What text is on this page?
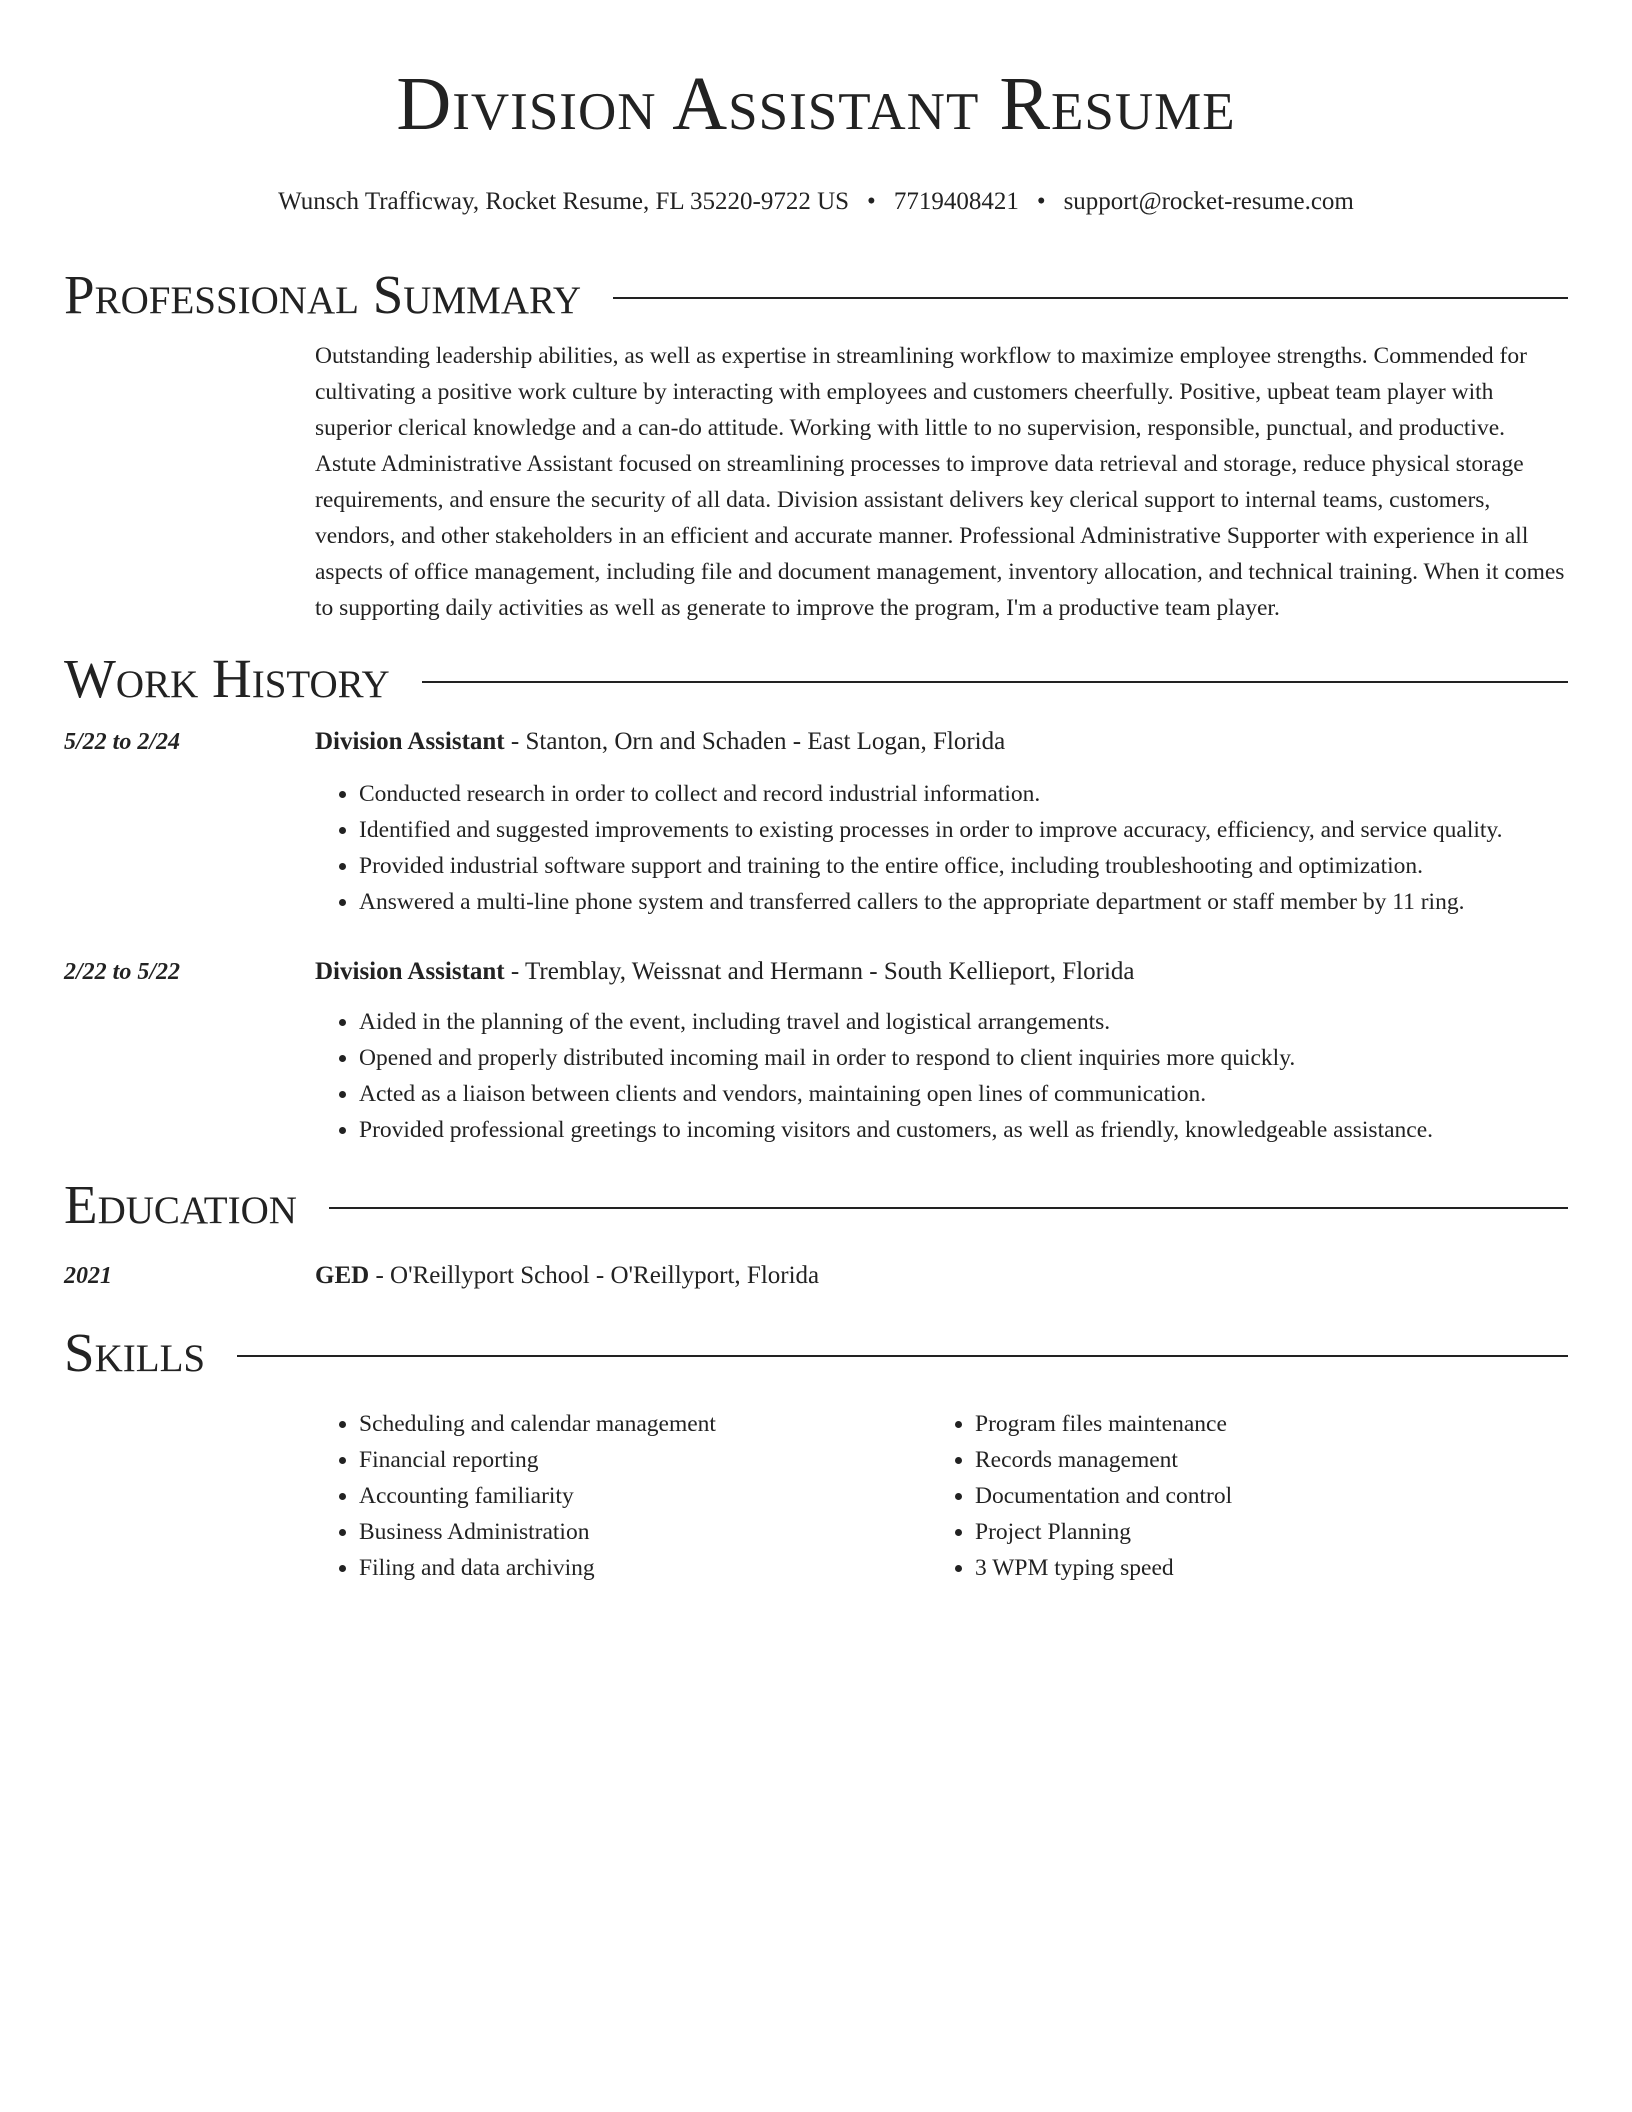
Division Assistant Resume
Wunsch Trafficway, Rocket Resume, FL 35220-9722 US • 7719408421 • support@rocket-resume.com
Professional Summary
Outstanding leadership abilities, as well as expertise in streamlining workflow to maximize employee strengths. Commended for cultivating a positive work culture by interacting with employees and customers cheerfully. Positive, upbeat team player with superior clerical knowledge and a can-do attitude. Working with little to no supervision, responsible, punctual, and productive. Astute Administrative Assistant focused on streamlining processes to improve data retrieval and storage, reduce physical storage requirements, and ensure the security of all data. Division assistant delivers key clerical support to internal teams, customers, vendors, and other stakeholders in an efficient and accurate manner. Professional Administrative Supporter with experience in all aspects of office management, including file and document management, inventory allocation, and technical training. When it comes to supporting daily activities as well as generate to improve the program, I'm a productive team player.
Work History
5/22 to 2/24	Division Assistant - Stanton, Orn and Schaden - East Logan, Florida
• Conducted research in order to collect and record industrial information.
• Identified and suggested improvements to existing processes in order to improve accuracy, efficiency, and service quality.
• Provided industrial software support and training to the entire office, including troubleshooting and optimization.
• Answered a multi-line phone system and transferred callers to the appropriate department or staff member by 11 ring.
2/22 to 5/22	Division Assistant - Tremblay, Weissnat and Hermann - South Kellieport, Florida
• Aided in the planning of the event, including travel and logistical arrangements.
• Opened and properly distributed incoming mail in order to respond to client inquiries more quickly.
• Acted as a liaison between clients and vendors, maintaining open lines of communication.
• Provided professional greetings to incoming visitors and customers, as well as friendly, knowledgeable assistance.
Education
2021	GED - O'Reillyport School - O'Reillyport, Florida
Skills
• Scheduling and calendar management
• Financial reporting
• Accounting familiarity
• Business Administration
• Filing and data archiving
• Program files maintenance
• Records management
• Documentation and control
• Project Planning
• 3 WPM typing speed
